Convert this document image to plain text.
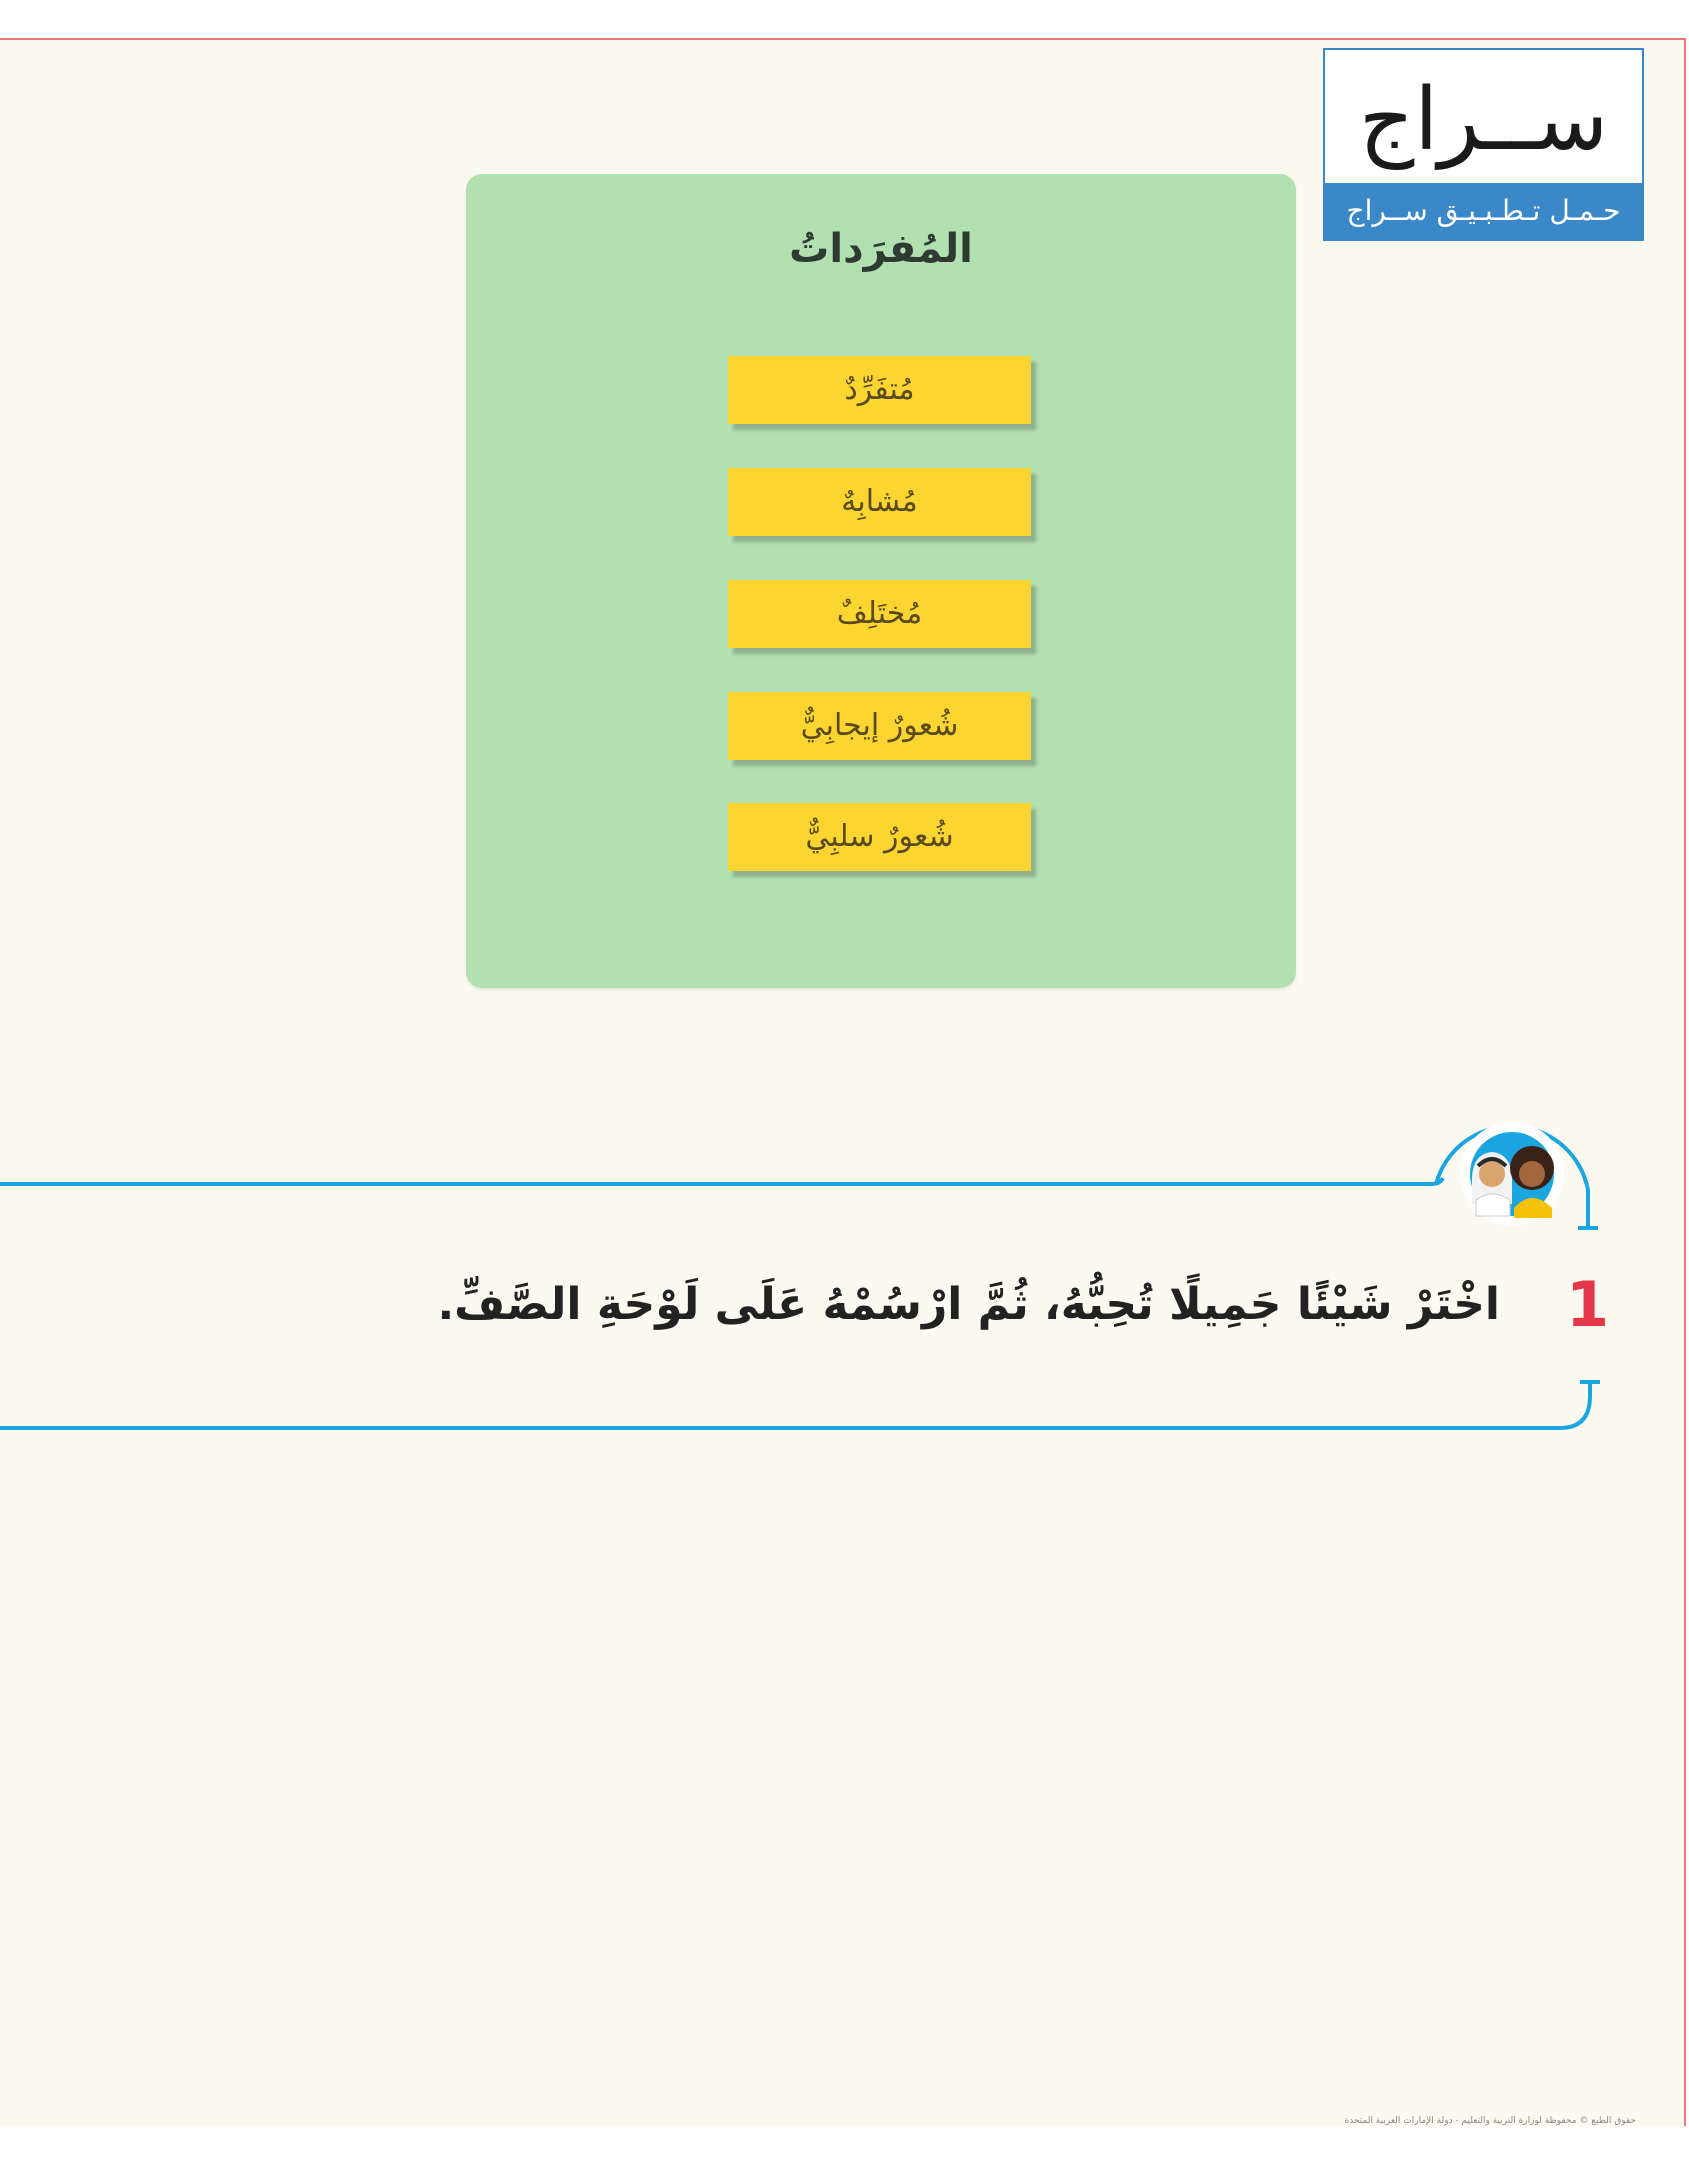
ســراج
حـمـل تـطـبـيـق ســراج
المُفرَداتُ
مُتفَرِّدٌ
مُشابِهٌ
مُختَلِفٌ
شُعورٌ إيجابِيٌّ
شُعورٌ سلبِيٌّ
1
اخْتَرْ شَيْئًا جَمِيلًا تُحِبُّهُ، ثُمَّ ارْسُمْهُ عَلَى لَوْحَةِ الصَّفِّ.
حقوق الطبع © محفوظة لوزارة التربية والتعليم - دولة الإمارات العربية المتحدة
